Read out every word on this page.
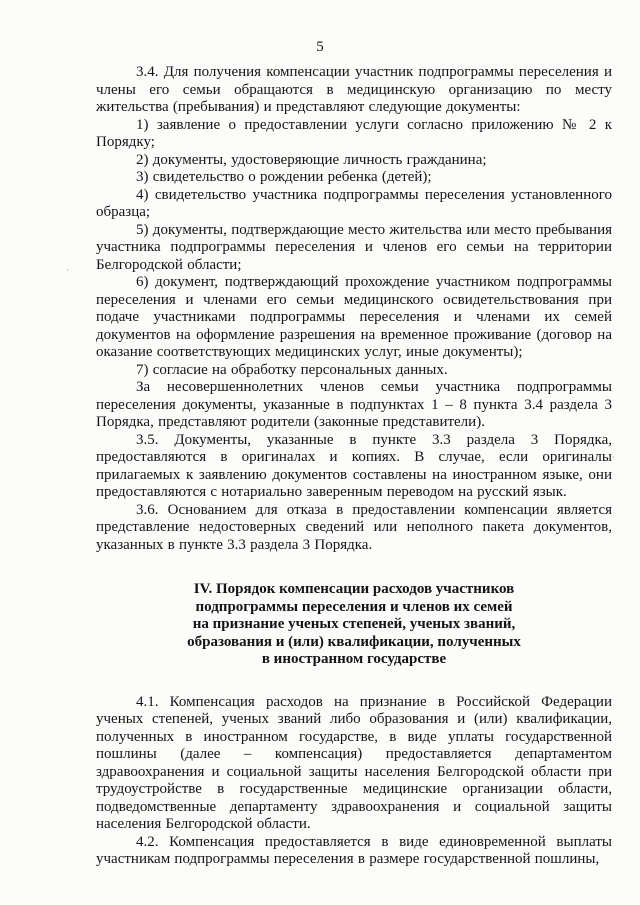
5
·
·

3.4. Для получения компенсации участник подпрограммы переселения и члены его семьи обращаются в медицинскую организацию по месту жительства (пребывания) и представляют следующие документы:

1) заявление о предоставлении услуги согласно приложению № 2 к Порядку;

2) документы, удостоверяющие личность гражданина;

3) свидетельство о рождении ребенка (детей);

4) свидетельство участника подпрограммы переселения установленного образца;

5) документы, подтверждающие место жительства или место пребывания участника подпрограммы переселения и членов его семьи на территории Белгородской области;

6) документ, подтверждающий прохождение участником подпрограммы переселения и членами его семьи медицинского освидетельствования при подаче участниками подпрограммы переселения и членами их семей документов на оформление разрешения на временное проживание (договор на оказание соответствующих медицинских услуг, иные документы);

7) согласие на обработку персональных данных.

За несовершеннолетних членов семьи участника подпрограммы переселения документы, указанные в подпунктах 1 – 8 пункта 3.4 раздела 3 Порядка, представляют родители (законные представители).

3.5. Документы, указанные в пункте 3.3 раздела 3 Порядка, предоставляются в оригиналах и копиях. В случае, если оригиналы прилагаемых к заявлению документов составлены на иностранном языке, они предоставляются с нотариально заверенным переводом на русский язык.

3.6. Основанием для отказа в предоставлении компенсации является представление недостоверных сведений или неполного пакета документов, указанных в пункте 3.3 раздела 3 Порядка.

IV. Порядок компенсации расходов участников
подпрограммы переселения и членов их семей
на признание ученых степеней, ученых званий,
образования и (или) квалификации, полученных
в иностранном государстве

4.1. Компенсация расходов на признание в Российской Федерации ученых степеней, ученых званий либо образования и (или) квалификации, полученных в иностранном государстве, в виде уплаты государственной пошлины (далее – компенсация) предоставляется департаментом здравоохранения и социальной защиты населения Белгородской области при трудоустройстве в государственные медицинские организации области, подведомственные департаменту здравоохранения и социальной защиты населения Белгородской области.

4.2. Компенсация предоставляется в виде единовременной выплаты участникам подпрограммы переселения в размере государственной пошлины,
